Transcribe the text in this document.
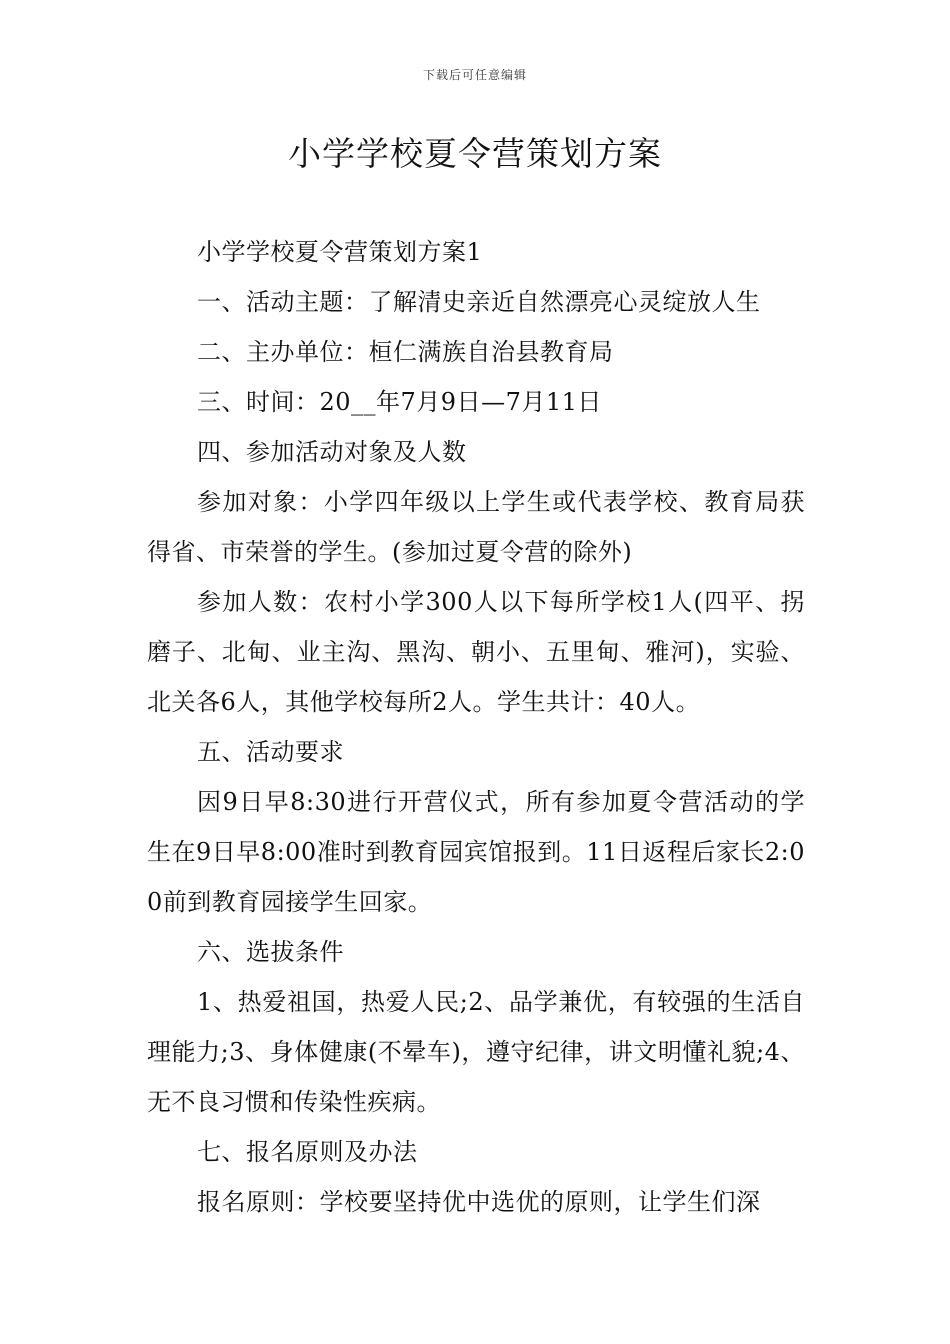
下载后可任意编辑
小学学校夏令营策划方案

小学学校夏令营策划方案1

一、活动主题：了解清史亲近自然漂亮心灵绽放人生

二、主办单位：桓仁满族自治县教育局

三、时间：20__年7月9日—7月11日

四、参加活动对象及人数

参加对象：小学四年级以上学生或代表学校、教育局获得省、市荣誉的学生。(参加过夏令营的除外)

参加人数：农村小学300人以下每所学校1人(四平、拐磨子、北甸、业主沟、黑沟、朝小、五里甸、雅河)，实验、北关各6人，其他学校每所2人。学生共计：40人。

五、活动要求

因9日早8:30进行开营仪式，所有参加夏令营活动的学生在9日早8:00准时到教育园宾馆报到。11日返程后家长2:00前到教育园接学生回家。

六、选拔条件

1、热爱祖国，热爱人民;2、品学兼优，有较强的生活自理能力;3、身体健康(不晕车)，遵守纪律，讲文明懂礼貌;4、无不良习惯和传染性疾病。

七、报名原则及办法

报名原则：学校要坚持优中选优的原则，让学生们深
